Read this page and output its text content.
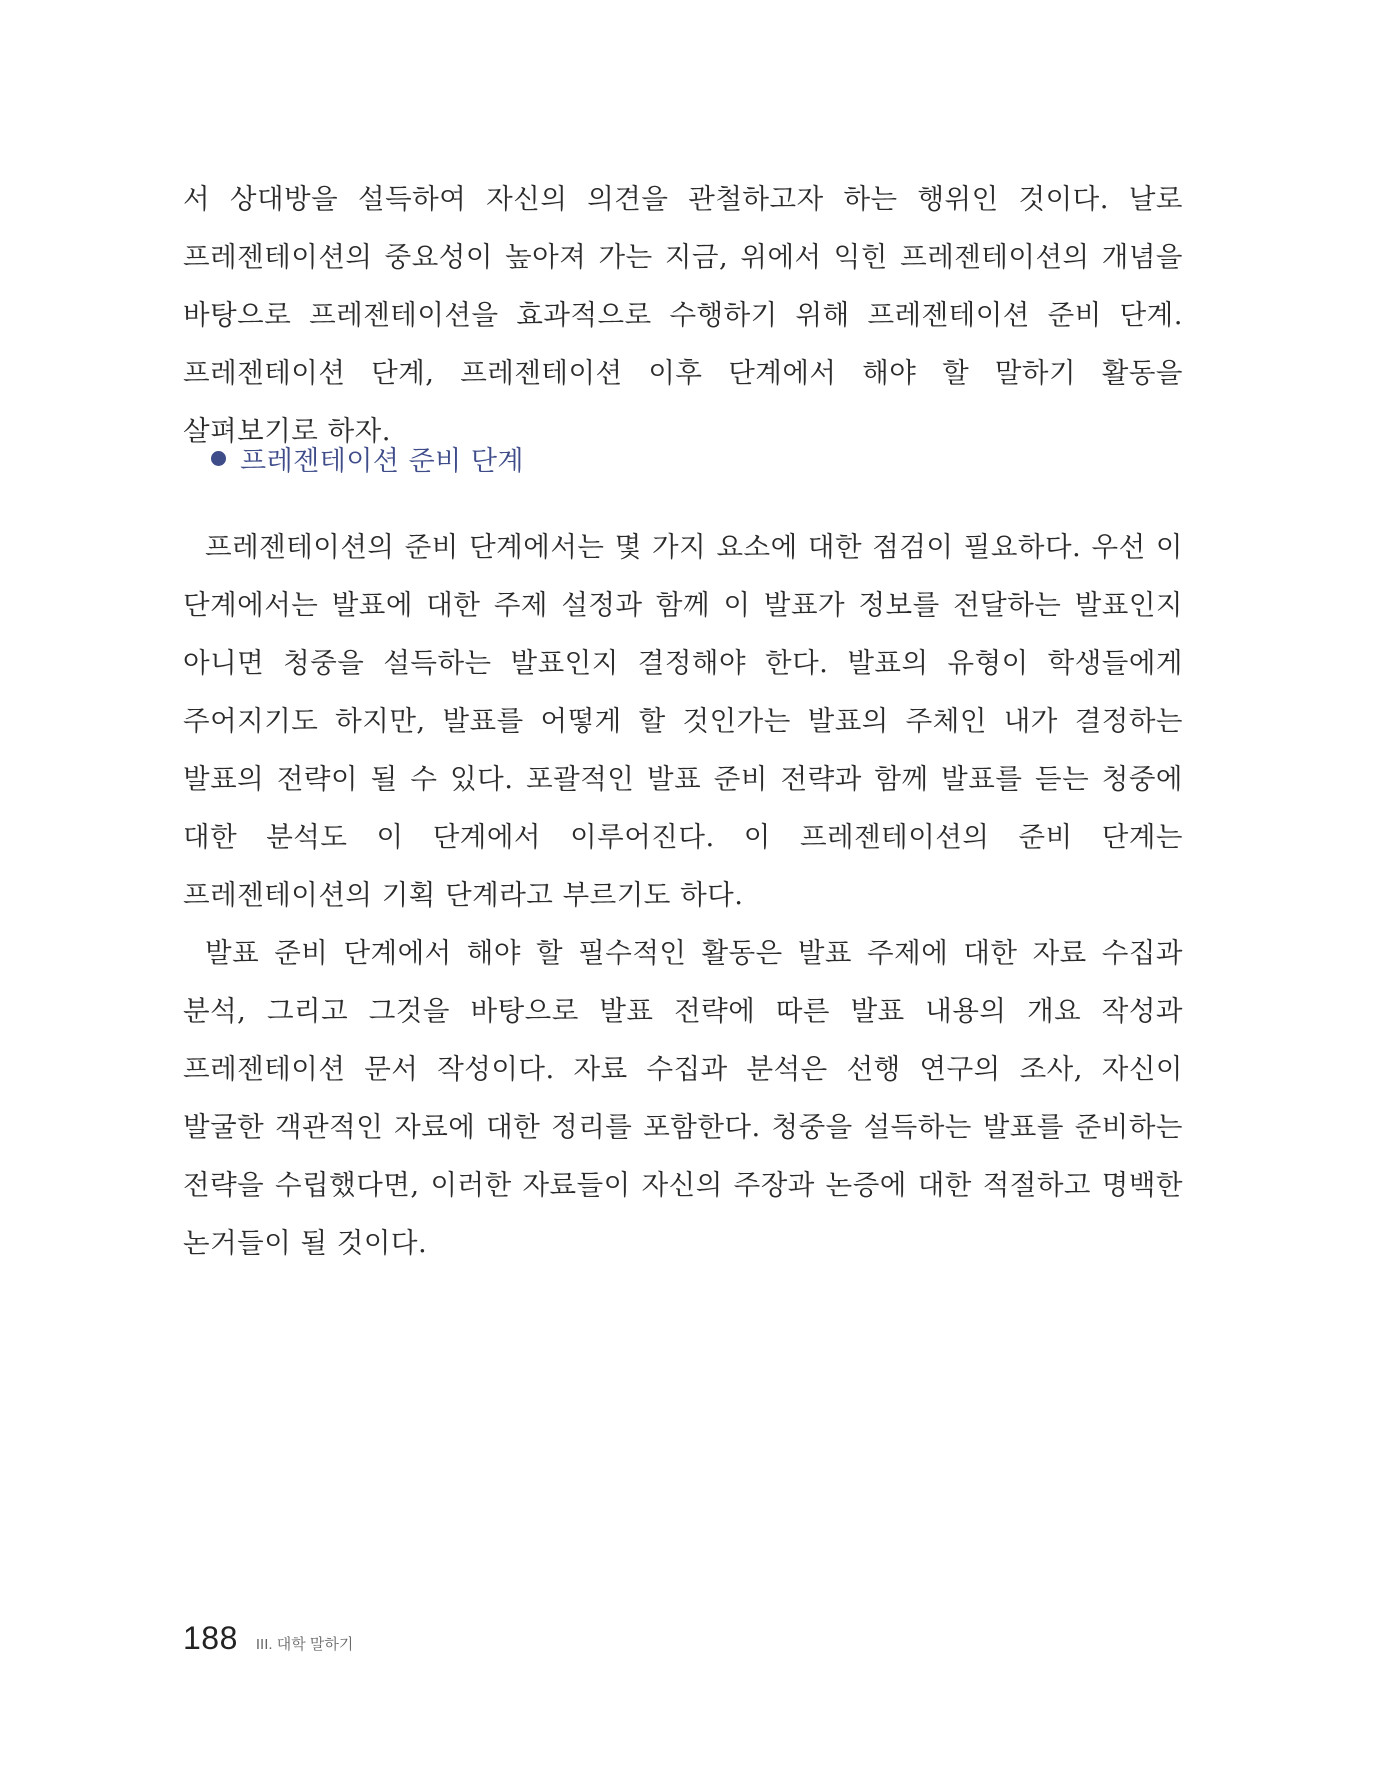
서 상대방을 설득하여 자신의 의견을 관철하고자 하는 행위인 것이다. 날로 프레젠테이션의 중요성이 높아져 가는 지금, 위에서 익힌 프레젠테이션의 개념을 바탕으로 프레젠테이션을 효과적으로 수행하기 위해 프레젠테이션 준비 단계. 프레젠테이션 단계, 프레젠테이션 이후 단계에서 해야 할 말하기 활동을 살펴보기로 하자.

프레젠테이션 준비 단계

프레젠테이션의 준비 단계에서는 몇 가지 요소에 대한 점검이 필요하다. 우선 이 단계에서는 발표에 대한 주제 설정과 함께 이 발표가 정보를 전달하는 발표인지 아니면 청중을 설득하는 발표인지 결정해야 한다. 발표의 유형이 학생들에게 주어지기도 하지만, 발표를 어떻게 할 것인가는 발표의 주체인 내가 결정하는 발표의 전략이 될 수 있다. 포괄적인 발표 준비 전략과 함께 발표를 듣는 청중에 대한 분석도 이 단계에서 이루어진다. 이 프레젠테이션의 준비 단계는 프레젠테이션의 기획 단계라고 부르기도 하다.

발표 준비 단계에서 해야 할 필수적인 활동은 발표 주제에 대한 자료 수집과 분석, 그리고 그것을 바탕으로 발표 전략에 따른 발표 내용의 개요 작성과 프레젠테이션 문서 작성이다. 자료 수집과 분석은 선행 연구의 조사, 자신이 발굴한 객관적인 자료에 대한 정리를 포함한다. 청중을 설득하는 발표를 준비하는 전략을 수립했다면, 이러한 자료들이 자신의 주장과 논증에 대한 적절하고 명백한 논거들이 될 것이다.

188 III. 대학 말하기
